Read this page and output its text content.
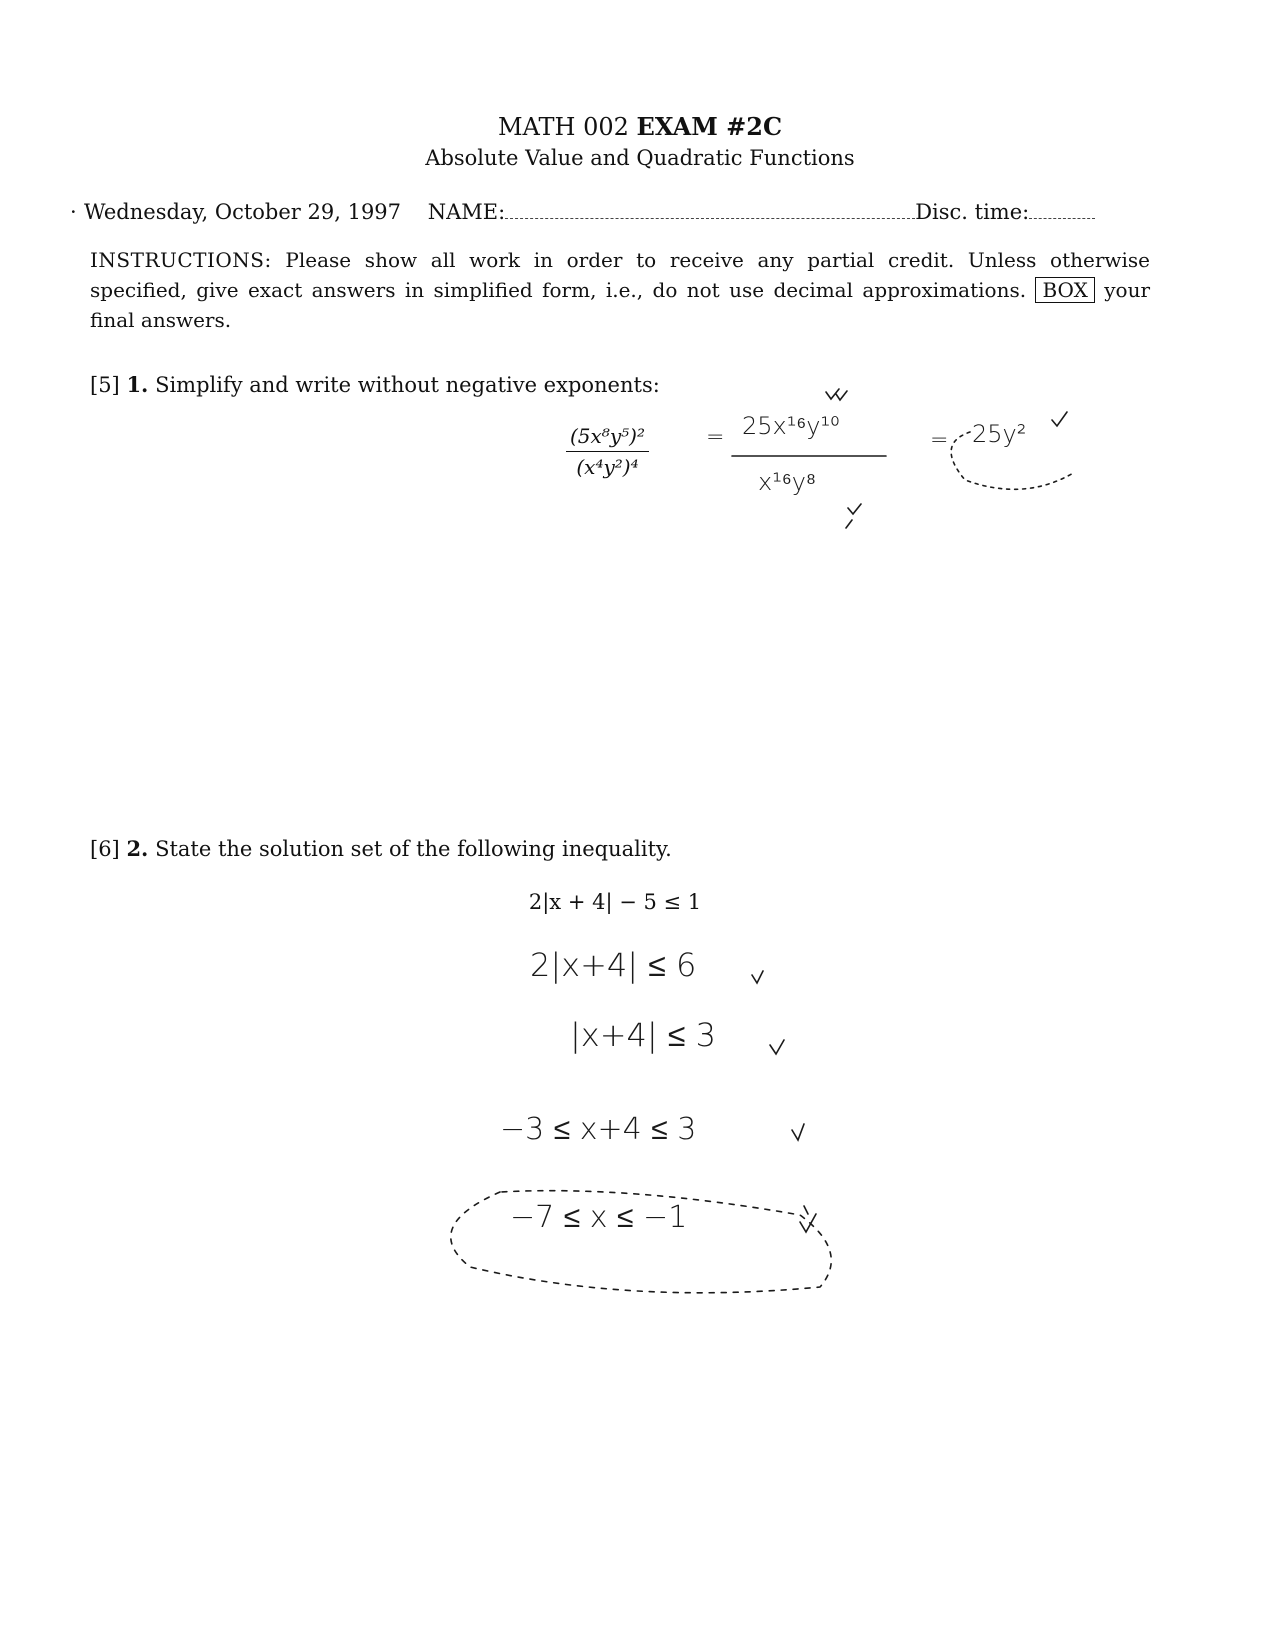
MATH 002 EXAM #2C
Absolute Value and Quadratic Functions
· Wednesday, October 29, 1997 NAME:	Disc. time:
INSTRUCTIONS: Please show all work in order to receive any partial credit. Unless otherwise specified, give exact answers in simplified form, i.e., do not use decimal approximations. BOX your final answers.
[5] 1. Simplify and write without negative exponents:
$\frac{\text{(5x⁸y⁵)²}}{\text{(x⁴y²)⁴}}$	= 25x¹⁶y¹⁰
x¹⁶y⁸
= 25y²
[6] 2. State the solution set of the following inequality.
2|x + 4| − 5 ≤ 1
2|x+4| ≤ 6
|x+4| ≤ 3
−3 ≤ x+4 ≤ 3
−7 ≤ x ≤ −1
